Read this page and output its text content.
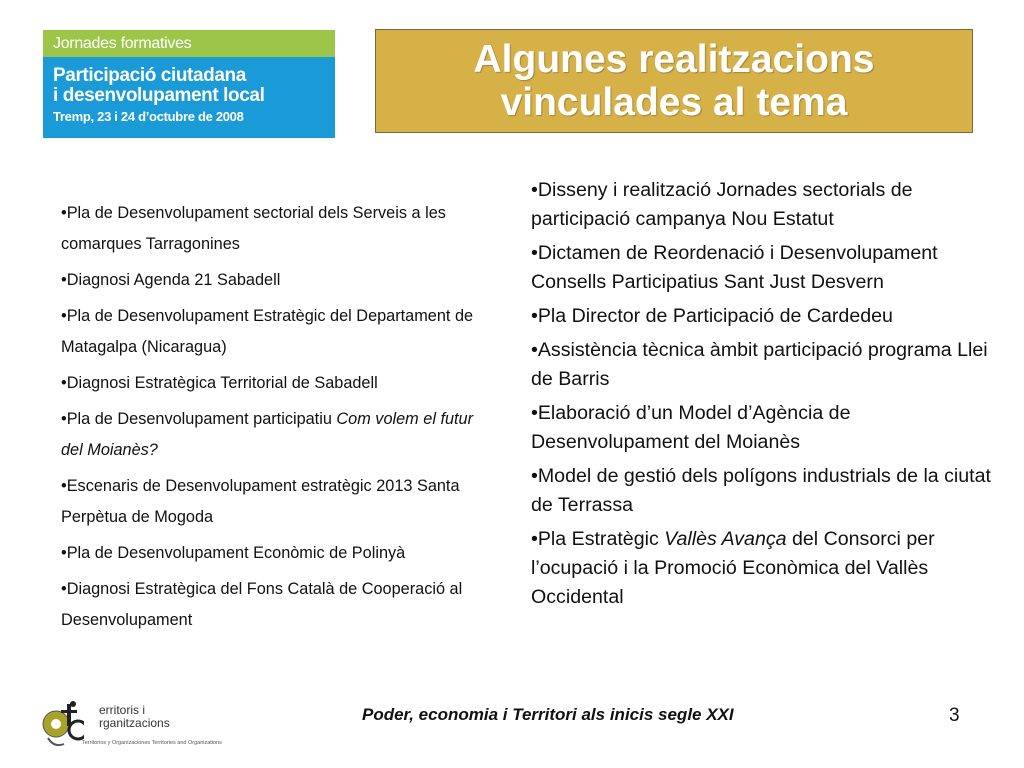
Jornades formatives
Participació ciutadana
i desenvolupament local
Tremp, 23 i 24 d’octubre de 2008
Algunes realitzacions
vinculades al tema
•Pla de Desenvolupament sectorial dels Serveis a les comarques Tarragonines
•Diagnosi Agenda 21 Sabadell
•Pla de Desenvolupament Estratègic del Departament de Matagalpa (Nicaragua)
•Diagnosi Estratègica Territorial de Sabadell
•Pla de Desenvolupament participatiu Com volem el futur del Moianès?
•Escenaris de Desenvolupament estratègic 2013 Santa Perpètua de Mogoda
•Pla de Desenvolupament Econòmic de Polinyà
•Diagnosi Estratègica del Fons Català de Cooperació al Desenvolupament
•Disseny i realització Jornades sectorials de participació campanya Nou Estatut
•Dictamen de Reordenació i Desenvolupament Consells Participatius Sant Just Desvern
•Pla Director de Participació de Cardedeu
•Assistència tècnica àmbit participació programa Llei de Barris
•Elaboració d’un Model d’Agència de Desenvolupament del Moianès
•Model de gestió dels polígons industrials de la ciutat de Terrassa
•Pla Estratègic Vallès Avança del Consorci per l’ocupació i la Promoció Econòmica del Vallès Occidental
erritoris i
rganitzacions
Territorios y Organizaciones Territories and Organizations
Poder, economia i Territori als inicis segle XXI	3
